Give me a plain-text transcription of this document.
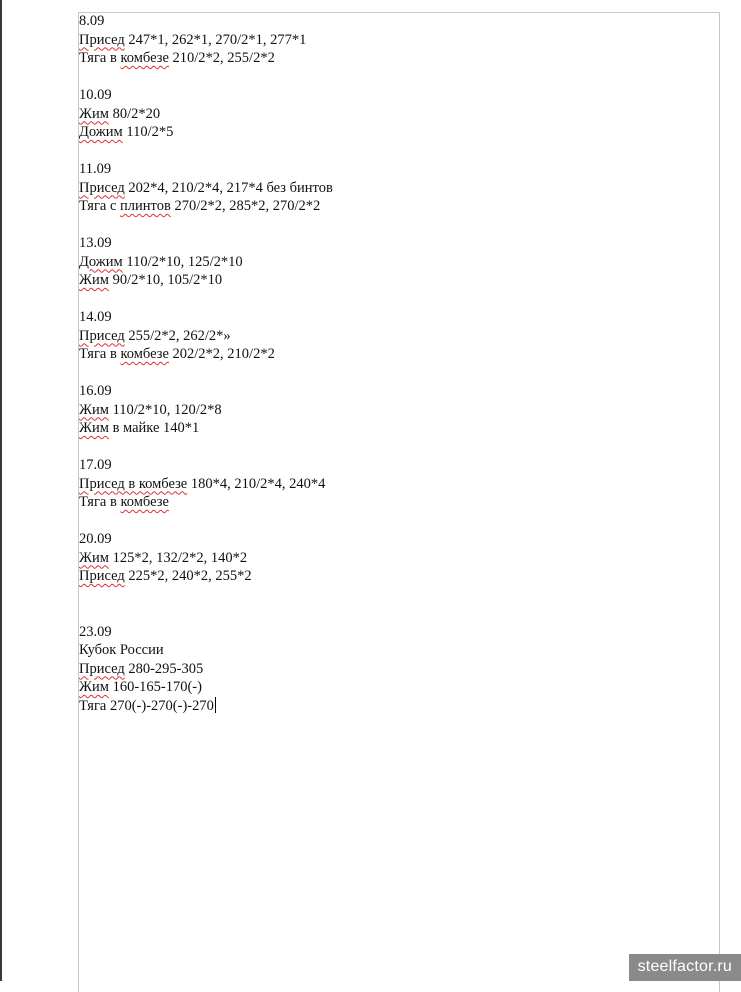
8.09
Присед 247*1, 262*1, 270/2*1, 277*1
Тяга в комбезе 210/2*2, 255/2*2
10.09
Жим 80/2*20
Дожим 110/2*5
11.09
Присед 202*4, 210/2*4, 217*4 без бинтов
Тяга с плинтов 270/2*2, 285*2, 270/2*2
13.09
Дожим 110/2*10, 125/2*10
Жим 90/2*10, 105/2*10
14.09
Присед 255/2*2, 262/2*»
Тяга в комбезе 202/2*2, 210/2*2
16.09
Жим 110/2*10, 120/2*8
Жим в майке 140*1
17.09
Присед в комбезе 180*4, 210/2*4, 240*4
Тяга в комбезе
20.09
Жим 125*2, 132/2*2, 140*2
Присед 225*2, 240*2, 255*2
23.09
Кубок России
Присед 280-295-305
Жим 160-165-170(-)
Тяга 270(-)-270(-)-270
steelfactor.ru
